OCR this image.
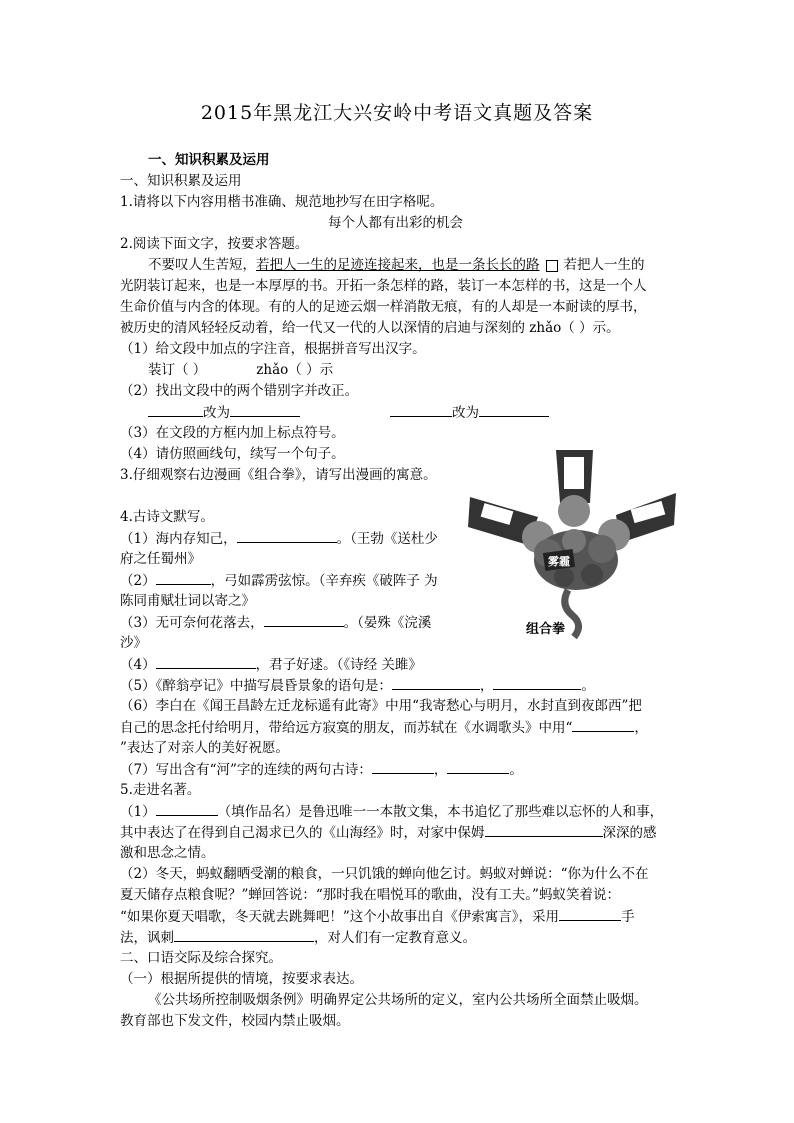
2015年黑龙江大兴安岭中考语文真题及答案
一、知识积累及运用
一、知识积累及运用
1.请将以下内容用楷书准确、规范地抄写在田字格呢。
每个人都有出彩的机会
2.阅读下面文字，按要求答题。
不要叹人生苦短，若把人一生的足迹连接起来，也是一条长长的路 若把人一生的
光阴装订起来，也是一本厚厚的书。开拓一条怎样的路，装订一本怎样的书，这是一个人
生命价值与内含的体现。有的人的足迹云烟一样消散无痕，有的人却是一本耐读的厚书，
被历史的清风轻轻反动着，给一代又一代的人以深情的启迪与深刻的 zhǎo（ ）示。
（1）给文段中加点的字注音，根据拼音写出汉字。
装订（ ）	zhǎo（ ）示
（2）找出文段中的两个错别字并改正。
改为	改为
（3）在文段的方框内加上标点符号。
（4）请仿照画线句，续写一个句子。
3.仔细观察右边漫画《组合拳》，请写出漫画的寓意。
4.古诗文默写。
（1）海内存知己，	。（王勃《送杜少
府之任蜀州》
（2）	，弓如霹雳弦惊。（辛弃疾《破阵子 为
陈同甫赋壮词以寄之》
（3）无可奈何花落去，	。（晏殊《浣溪
沙》
（4）	，君子好逑。（《诗经 关雎》
（5）《醉翁亭记》中描写晨昏景象的语句是：	，	。
（6）李白在《闻王昌龄左迁龙标遥有此寄》中用“我寄愁心与明月，水封直到夜郎西”把
自己的思念托付给明月，带给远方寂寞的朋友，而苏轼在《水调歌头》中用“	，
”表达了对亲人的美好祝愿。
（7）写出含有“河”字的连续的两句古诗：	，	。
5.走进名著。
（1）	（填作品名）是鲁迅唯一一本散文集，本书追忆了那些难以忘怀的人和事，
其中表达了在得到自己渴求已久的《山海经》时，对家中保姆	深深的感
激和思念之情。
（2）冬天，蚂蚁翻晒受潮的粮食，一只饥饿的蝉向他乞讨。蚂蚁对蝉说：“你为什么不在
夏天储存点粮食呢？”蝉回答说：“那时我在唱悦耳的歌曲，没有工夫。”蚂蚁笑着说：
“如果你夏天唱歌，冬天就去跳舞吧！”这个小故事出自《伊索寓言》，采用	手
法，讽刺	，对人们有一定教育意义。
二、口语交际及综合探究。
（一）根据所提供的情境，按要求表达。
《公共场所控制吸烟条例》明确界定公共场所的定义，室内公共场所全面禁止吸烟。
教育部也下发文件，校园内禁止吸烟。
雾霾
组合拳
